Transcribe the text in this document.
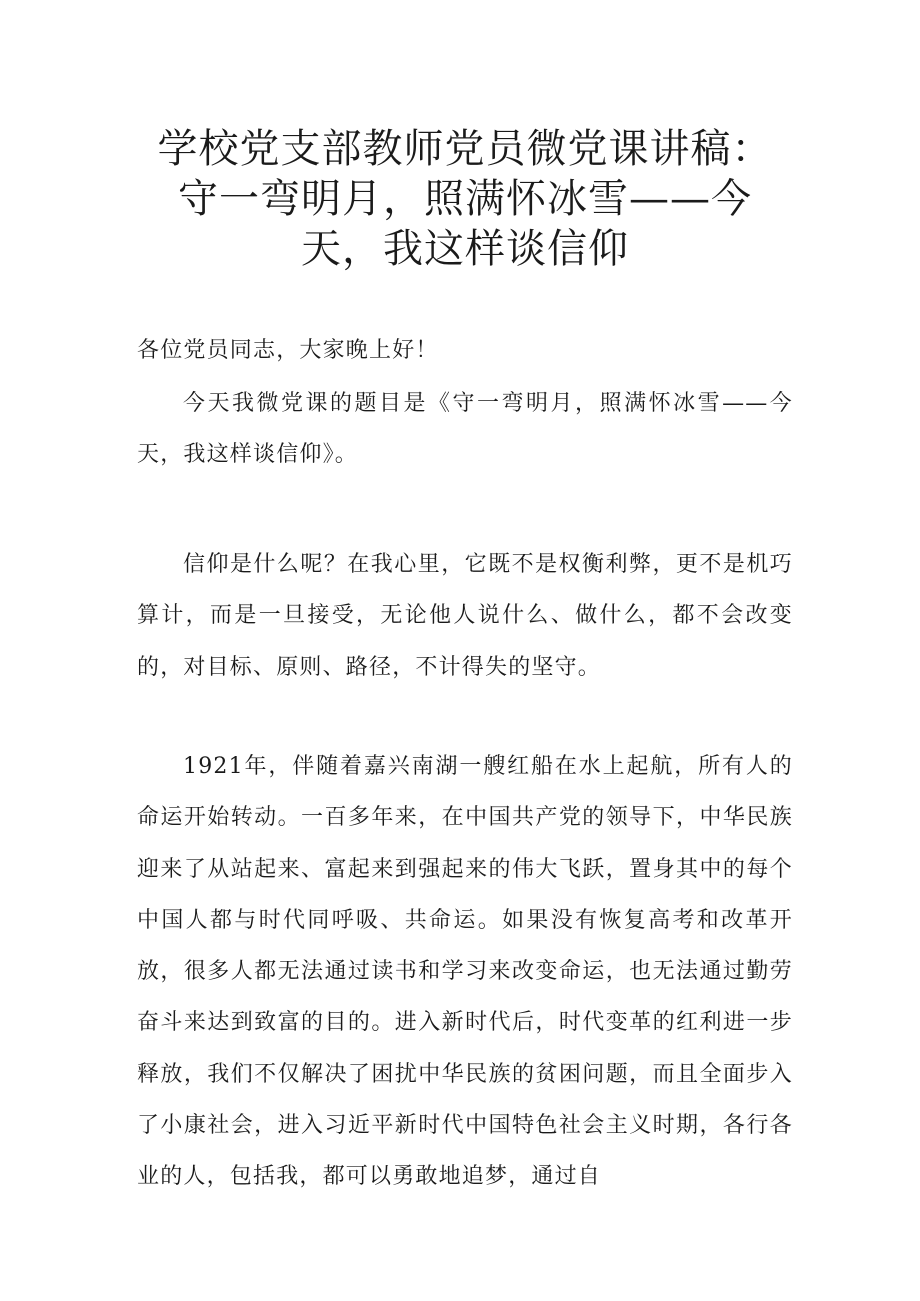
学校党支部教师党员微党课讲稿：守一弯明月，照满怀冰雪——今天，我这样谈信仰

各位党员同志，大家晚上好！

今天我微党课的题目是《守一弯明月，照满怀冰雪——今天，我这样谈信仰》。

信仰是什么呢？在我心里，它既不是权衡利弊，更不是机巧算计，而是一旦接受，无论他人说什么、做什么，都不会改变的，对目标、原则、路径，不计得失的坚守。

1921年，伴随着嘉兴南湖一艘红船在水上起航，所有人的命运开始转动。一百多年来，在中国共产党的领导下，中华民族迎来了从站起来、富起来到强起来的伟大飞跃，置身其中的每个中国人都与时代同呼吸、共命运。如果没有恢复高考和改革开放，很多人都无法通过读书和学习来改变命运，也无法通过勤劳奋斗来达到致富的目的。进入新时代后，时代变革的红利进一步释放，我们不仅解决了困扰中华民族的贫困问题，而且全面步入了小康社会，进入习近平新时代中国特色社会主义时期，各行各业的人，包括我，都可以勇敢地追梦，通过自
